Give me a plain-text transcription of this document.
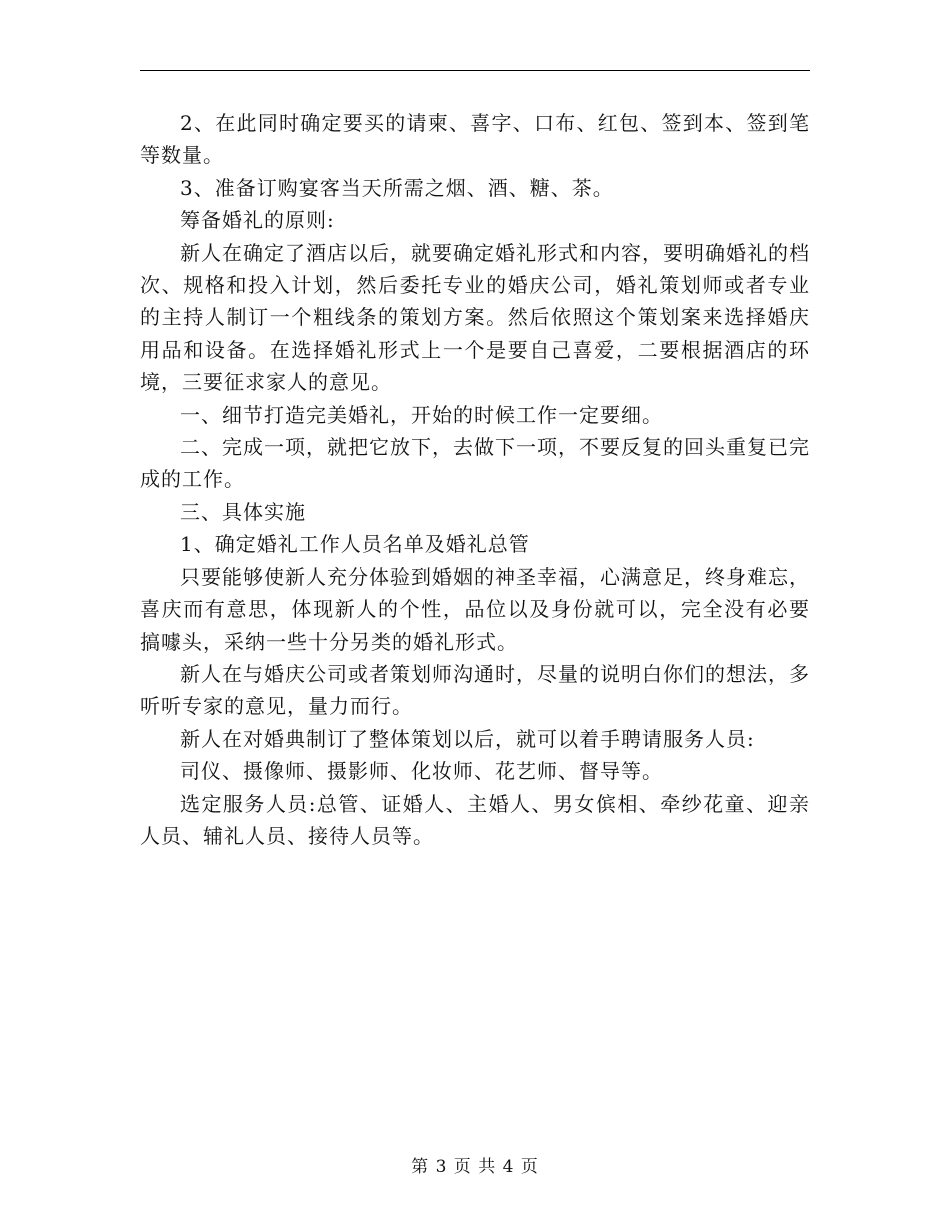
2、在此同时确定要买的请柬、喜字、口布、红包、签到本、签到笔等数量。

3、准备订购宴客当天所需之烟、酒、糖、茶。

筹备婚礼的原则:

新人在确定了酒店以后，就要确定婚礼形式和内容，要明确婚礼的档次、规格和投入计划，然后委托专业的婚庆公司，婚礼策划师或者专业的主持人制订一个粗线条的策划方案。然后依照这个策划案来选择婚庆用品和设备。在选择婚礼形式上一个是要自己喜爱，二要根据酒店的环境，三要征求家人的意见。

一、细节打造完美婚礼，开始的时候工作一定要细。

二、完成一项，就把它放下，去做下一项，不要反复的回头重复已完成的工作。

三、具体实施

1、确定婚礼工作人员名单及婚礼总管

只要能够使新人充分体验到婚姻的神圣幸福，心满意足，终身难忘，喜庆而有意思，体现新人的个性，品位以及身份就可以，完全没有必要搞噱头，采纳一些十分另类的婚礼形式。

新人在与婚庆公司或者策划师沟通时，尽量的说明白你们的想法，多听听专家的意见，量力而行。

新人在对婚典制订了整体策划以后，就可以着手聘请服务人员:

司仪、摄像师、摄影师、化妆师、花艺师、督导等。

选定服务人员:总管、证婚人、主婚人、男女傧相、牵纱花童、迎亲人员、辅礼人员、接待人员等。

第 3 页 共 4 页
